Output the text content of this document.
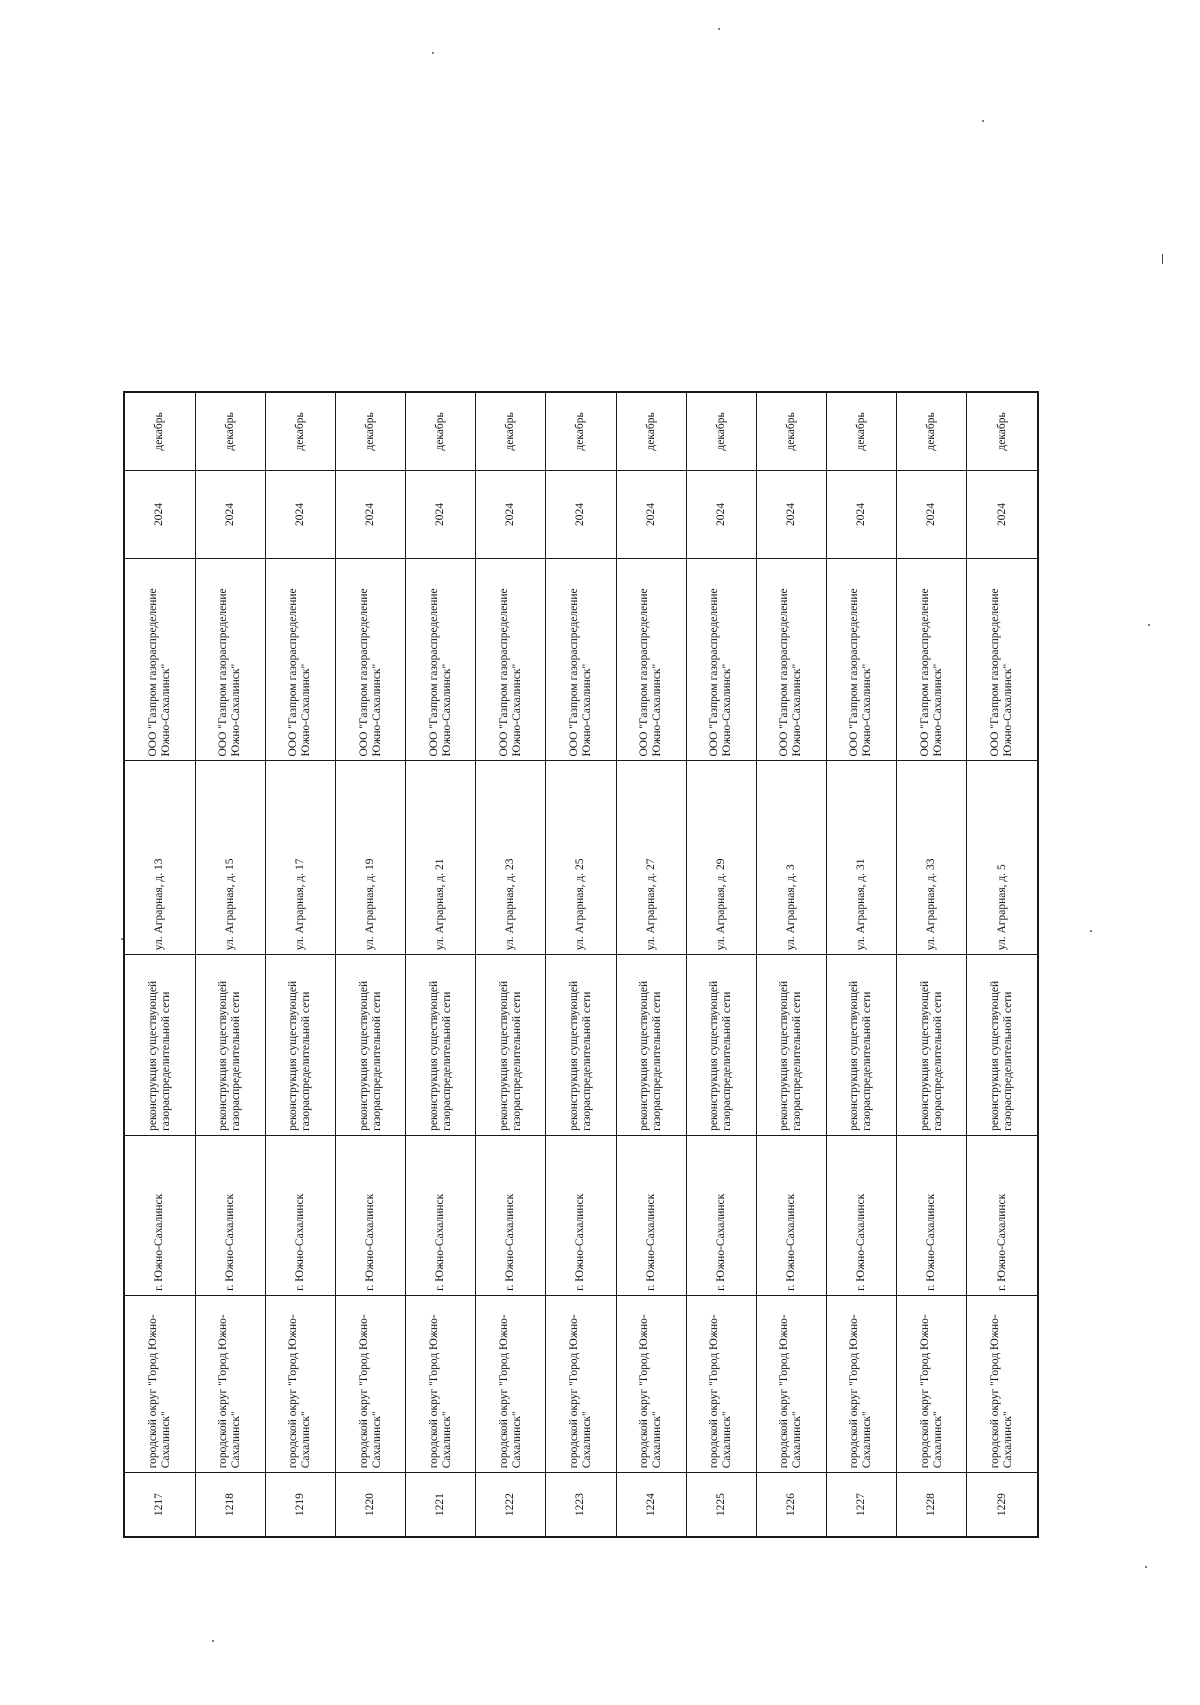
1217	городской округ "Город Южно-Сахалинск"	г. Южно-Сахалинск	реконструкция существующей газораспределительной сети	ул. Аграрная, д. 13	ООО "Газпром газораспределение Южно-Сахалинск"	2024	декабрь
1218	городской округ "Город Южно-Сахалинск"	г. Южно-Сахалинск	реконструкция существующей газораспределительной сети	ул. Аграрная, д. 15	ООО "Газпром газораспределение Южно-Сахалинск"	2024	декабрь
1219	городской округ "Город Южно-Сахалинск"	г. Южно-Сахалинск	реконструкция существующей газораспределительной сети	ул. Аграрная, д. 17	ООО "Газпром газораспределение Южно-Сахалинск"	2024	декабрь
1220	городской округ "Город Южно-Сахалинск"	г. Южно-Сахалинск	реконструкция существующей газораспределительной сети	ул. Аграрная, д. 19	ООО "Газпром газораспределение Южно-Сахалинск"	2024	декабрь
1221	городской округ "Город Южно-Сахалинск"	г. Южно-Сахалинск	реконструкция существующей газораспределительной сети	ул. Аграрная, д. 21	ООО "Газпром газораспределение Южно-Сахалинск"	2024	декабрь
1222	городской округ "Город Южно-Сахалинск"	г. Южно-Сахалинск	реконструкция существующей газораспределительной сети	ул. Аграрная, д. 23	ООО "Газпром газораспределение Южно-Сахалинск"	2024	декабрь
1223	городской округ "Город Южно-Сахалинск"	г. Южно-Сахалинск	реконструкция существующей газораспределительной сети	ул. Аграрная, д. 25	ООО "Газпром газораспределение Южно-Сахалинск"	2024	декабрь
1224	городской округ "Город Южно-Сахалинск"	г. Южно-Сахалинск	реконструкция существующей газораспределительной сети	ул. Аграрная, д. 27	ООО "Газпром газораспределение Южно-Сахалинск"	2024	декабрь
1225	городской округ "Город Южно-Сахалинск"	г. Южно-Сахалинск	реконструкция существующей газораспределительной сети	ул. Аграрная, д. 29	ООО "Газпром газораспределение Южно-Сахалинск"	2024	декабрь
1226	городской округ "Город Южно-Сахалинск"	г. Южно-Сахалинск	реконструкция существующей газораспределительной сети	ул. Аграрная, д. 3	ООО "Газпром газораспределение Южно-Сахалинск"	2024	декабрь
1227	городской округ "Город Южно-Сахалинск"	г. Южно-Сахалинск	реконструкция существующей газораспределительной сети	ул. Аграрная, д. 31	ООО "Газпром газораспределение Южно-Сахалинск"	2024	декабрь
1228	городской округ "Город Южно-Сахалинск"	г. Южно-Сахалинск	реконструкция существующей газораспределительной сети	ул. Аграрная, д. 33	ООО "Газпром газораспределение Южно-Сахалинск"	2024	декабрь
1229	городской округ "Город Южно-Сахалинск"	г. Южно-Сахалинск	реконструкция существующей газораспределительной сети	ул. Аграрная, д. 5	ООО "Газпром газораспределение Южно-Сахалинск"	2024	декабрь
